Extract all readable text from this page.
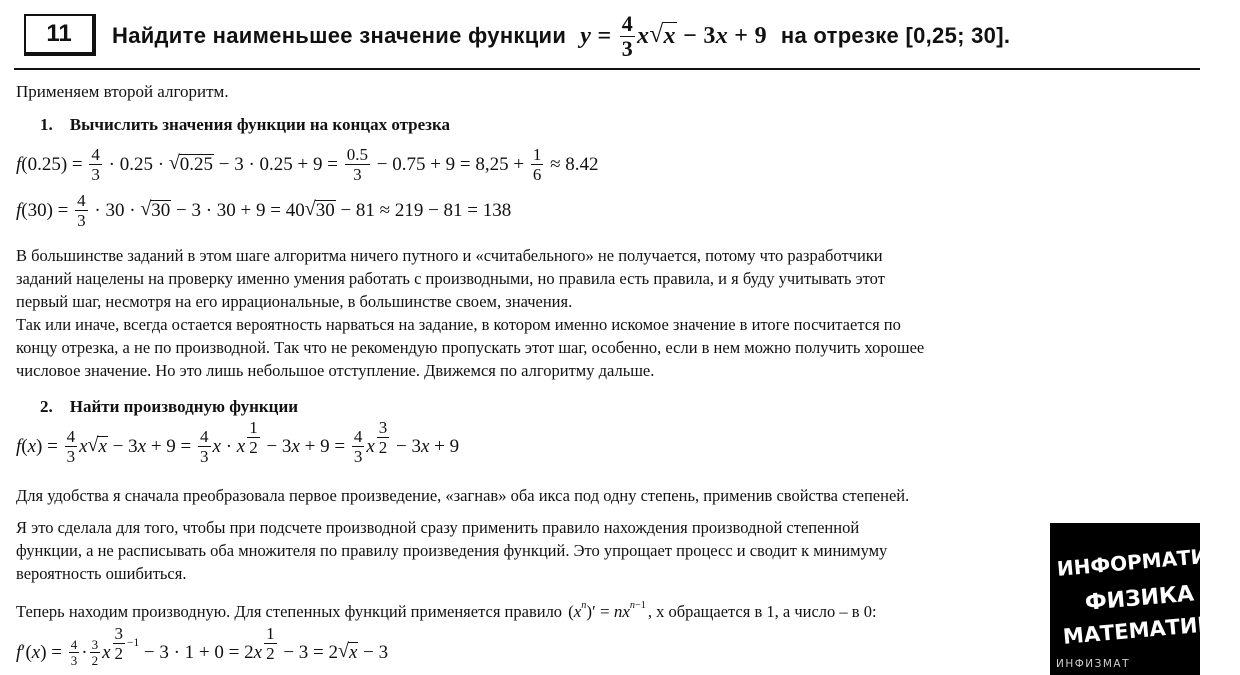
11	Найдите наименьшее значение функции $y = \frac{4}{3}$ x √ x − 3 x + 9 на отрезке [0,25; 30].
Применяем второй алгоритм.
1. Вычислить значения функции на концах отрезка
f $(0.25) = \frac{4}{3} \cdot 0.25$ · √ $0.25 - 3 \cdot 0.25 + 9 = \frac{0.5}{3} - 0.75 + 9 = 8,25 + \frac{1}{6} \approx 8.42$
f $(30) = \frac{4}{3} \cdot 30$ · √ 30 − 3 · 30 + 9 = 40 √ 30 − 81 ≈ 219 − 81 = 138
В большинстве заданий в этом шаге алгоритма ничего путного и «считабельного» не получается, потому что разработчики
заданий нацелены на проверку именно умения работать с производными, но правила есть правила, и я буду учитывать этот
первый шаг, несмотря на его иррациональные, в большинстве своем, значения.
Так или иначе, всегда остается вероятность нарваться на задание, в котором именно искомое значение в итоге посчитается по
концу отрезка, а не по производной. Так что не рекомендую пропускать этот шаг, особенно, если в нем можно получить хорошее
числовое значение. Но это лишь небольшое отступление. Движемся по алгоритму дальше.
2. Найти производную функции
f ( x ) = $\frac{4}{3}$ x √ x − 3 $x + 9 = \frac{4}{3}$ x · x $\frac{1}{2} - 3$ $x + 9 = \frac{4}{3}$ x $\frac{3}{2} - 3$ x + 9
Для удобства я сначала преобразовала первое произведение, «загнав» оба икса под одну степень, применив свойства степеней.
Я это сделала для того, чтобы при подсчете производной сразу применить правило нахождения производной степенной
функции, а не расписывать оба множителя по правилу произведения функций. Это упрощает процесс и сводит к минимуму
вероятность ошибиться.
Теперь находим производную. Для степенных функций применяется правило ( x n )′ = nx n−1 , x обращается в 1, а число – в 0:
f ′( x ) = $\frac{4}{3} \cdot \frac{3}{2}$ x $\frac{3}{2} -1 - 3 \cdot 1 + 0 = 2$ x $\frac{1}{2} - 3 = 2$ √ x − 3
ИНФОРМАТИКА
ФИЗИКА
МАТЕМАТИКА
ИНФИЗМАТ
